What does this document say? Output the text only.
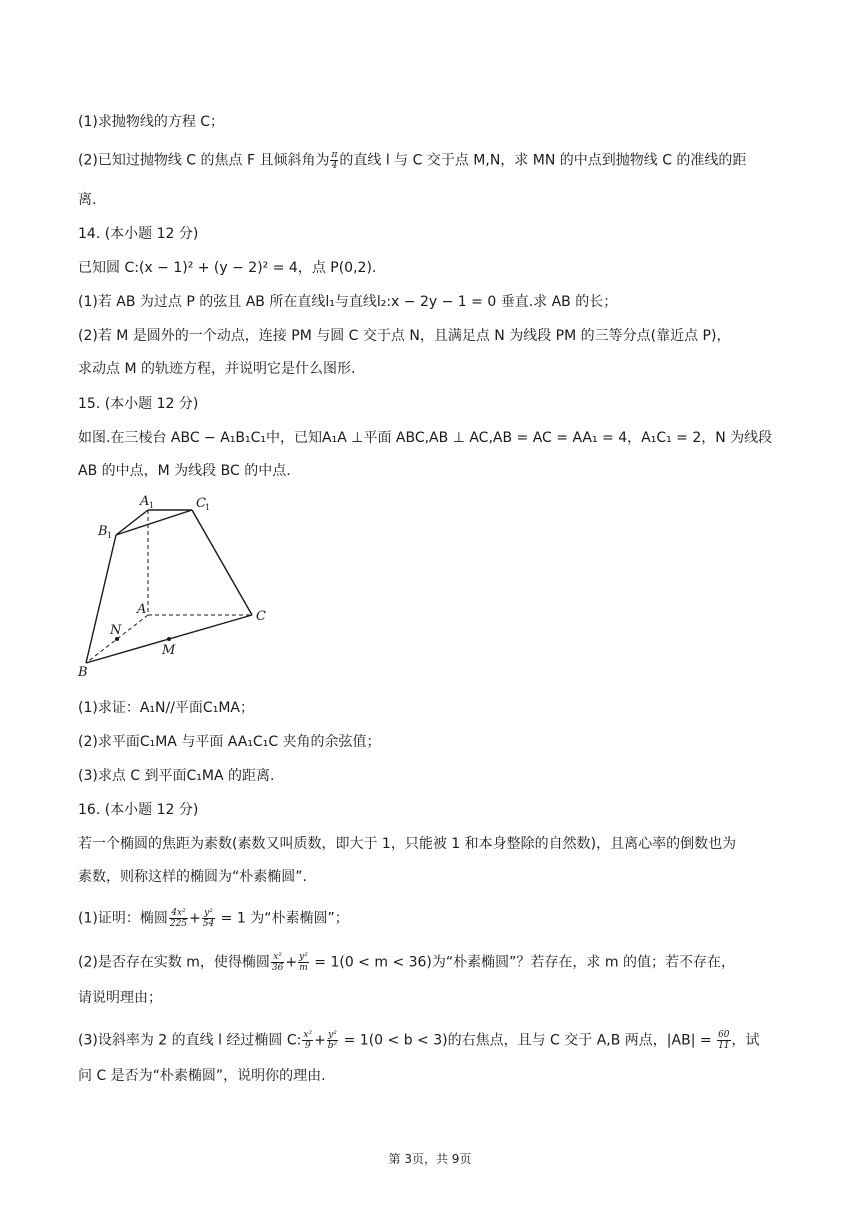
(1)求抛物线的方程 C；
(2)已知过抛物线 C 的焦点 F 且倾斜角为 $\frac{\pi}{4}$ 的直线 l 与 C 交于点 M,N，求 MN 的中点到抛物线 C 的准线的距
离.
14. (本小题 12 分)
已知圆 C:(x − 1)² + (y − 2)² = 4，点 P(0,2).
(1)若 AB 为过点 P 的弦且 AB 所在直线l₁与直线l₂:x − 2y − 1 = 0 垂直.求 AB 的长；
(2)若 M 是圆外的一个动点，连接 PM 与圆 C 交于点 N，且满足点 N 为线段 PM 的三等分点(靠近点 P)，
求动点 M 的轨迹方程，并说明它是什么图形.
15. (本小题 12 分)
如图.在三棱台 ABC − A₁B₁C₁中，已知A₁A ⊥平面 ABC,AB ⊥ AC,AB = AC = AA₁ = 4，A₁C₁ = 2，N 为线段
AB 的中点，M 为线段 BC 的中点.
A 1	C 1
B 1
A	C
N
M
B
(1)求证：A₁N//平面C₁MA；
(2)求平面C₁MA 与平面 AA₁C₁C 夹角的余弦值；
(3)求点 C 到平面C₁MA 的距离.
16. (本小题 12 分)
若一个椭圆的焦距为素数(素数又叫质数，即大于 1，只能被 1 和本身整除的自然数)，且离心率的倒数也为
素数，则称这样的椭圆为“朴素椭圆”.
(1)证明：椭圆 $\frac{\text{4x²}}{225} + \frac{\text{y²}}{54} = 1$ 为“朴素椭圆”；
(2)是否存在实数 m，使得椭圆 $\frac{\text{x²}}{36} + \frac{\text{y²}}{m} = 1(0 < m < 36)$为“朴素椭圆”？若存在，求 m 的值；若不存在，
请说明理由；
(3)设斜率为 2 的直线 l 经过椭圆 C: $\frac{\text{x²}}{9} + \frac{\text{y²}}{\text{b²}} = 1(0 < b < 3)$的右焦点，且与 C 交于 A,B 两点，$|AB| = \frac{60}{11}$ ，试
问 C 是否为“朴素椭圆”，说明你的理由.
第 3页，共 9页
